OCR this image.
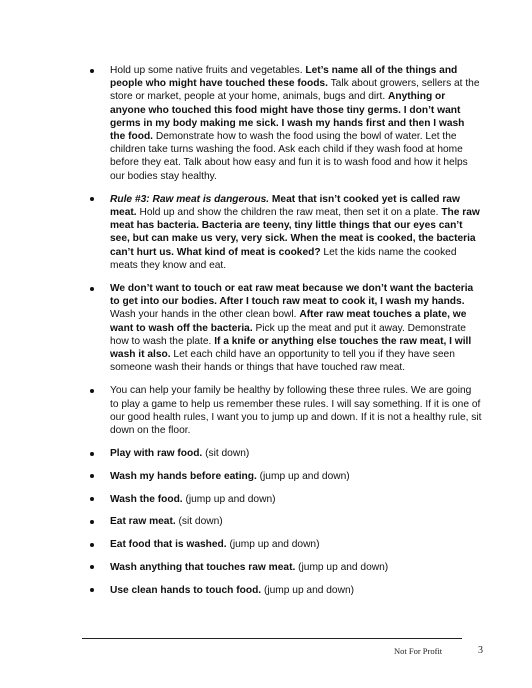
Hold up some native fruits and vegetables. Let’s name all of the things and people who might have touched these foods. Talk about growers, sellers at the store or market, people at your home, animals, bugs and dirt. Anything or anyone who touched this food might have those tiny germs. I don’t want germs in my body making me sick. I wash my hands first and then I wash the food. Demonstrate how to wash the food using the bowl of water. Let the children take turns washing the food. Ask each child if they wash food at home before they eat. Talk about how easy and fun it is to wash food and how it helps our bodies stay healthy.
Rule #3: Raw meat is dangerous. Meat that isn’t cooked yet is called raw meat. Hold up and show the children the raw meat, then set it on a plate. The raw meat has bacteria. Bacteria are teeny, tiny little things that our eyes can’t see, but can make us very, very sick. When the meat is cooked, the bacteria can’t hurt us. What kind of meat is cooked? Let the kids name the cooked meats they know and eat.
We don’t want to touch or eat raw meat because we don’t want the bacteria to get into our bodies. After I touch raw meat to cook it, I wash my hands. Wash your hands in the other clean bowl. After raw meat touches a plate, we want to wash off the bacteria. Pick up the meat and put it away. Demonstrate how to wash the plate. If a knife or anything else touches the raw meat, I will wash it also. Let each child have an opportunity to tell you if they have seen someone wash their hands or things that have touched raw meat.
You can help your family be healthy by following these three rules. We are going to play a game to help us remember these rules. I will say something. If it is one of our good health rules, I want you to jump up and down. If it is not a healthy rule, sit down on the floor.
Play with raw food. (sit down)
Wash my hands before eating. (jump up and down)
Wash the food. (jump up and down)
Eat raw meat. (sit down)
Eat food that is washed. (jump up and down)
Wash anything that touches raw meat. (jump up and down)
Use clean hands to touch food. (jump up and down)
Not For Profit	3
